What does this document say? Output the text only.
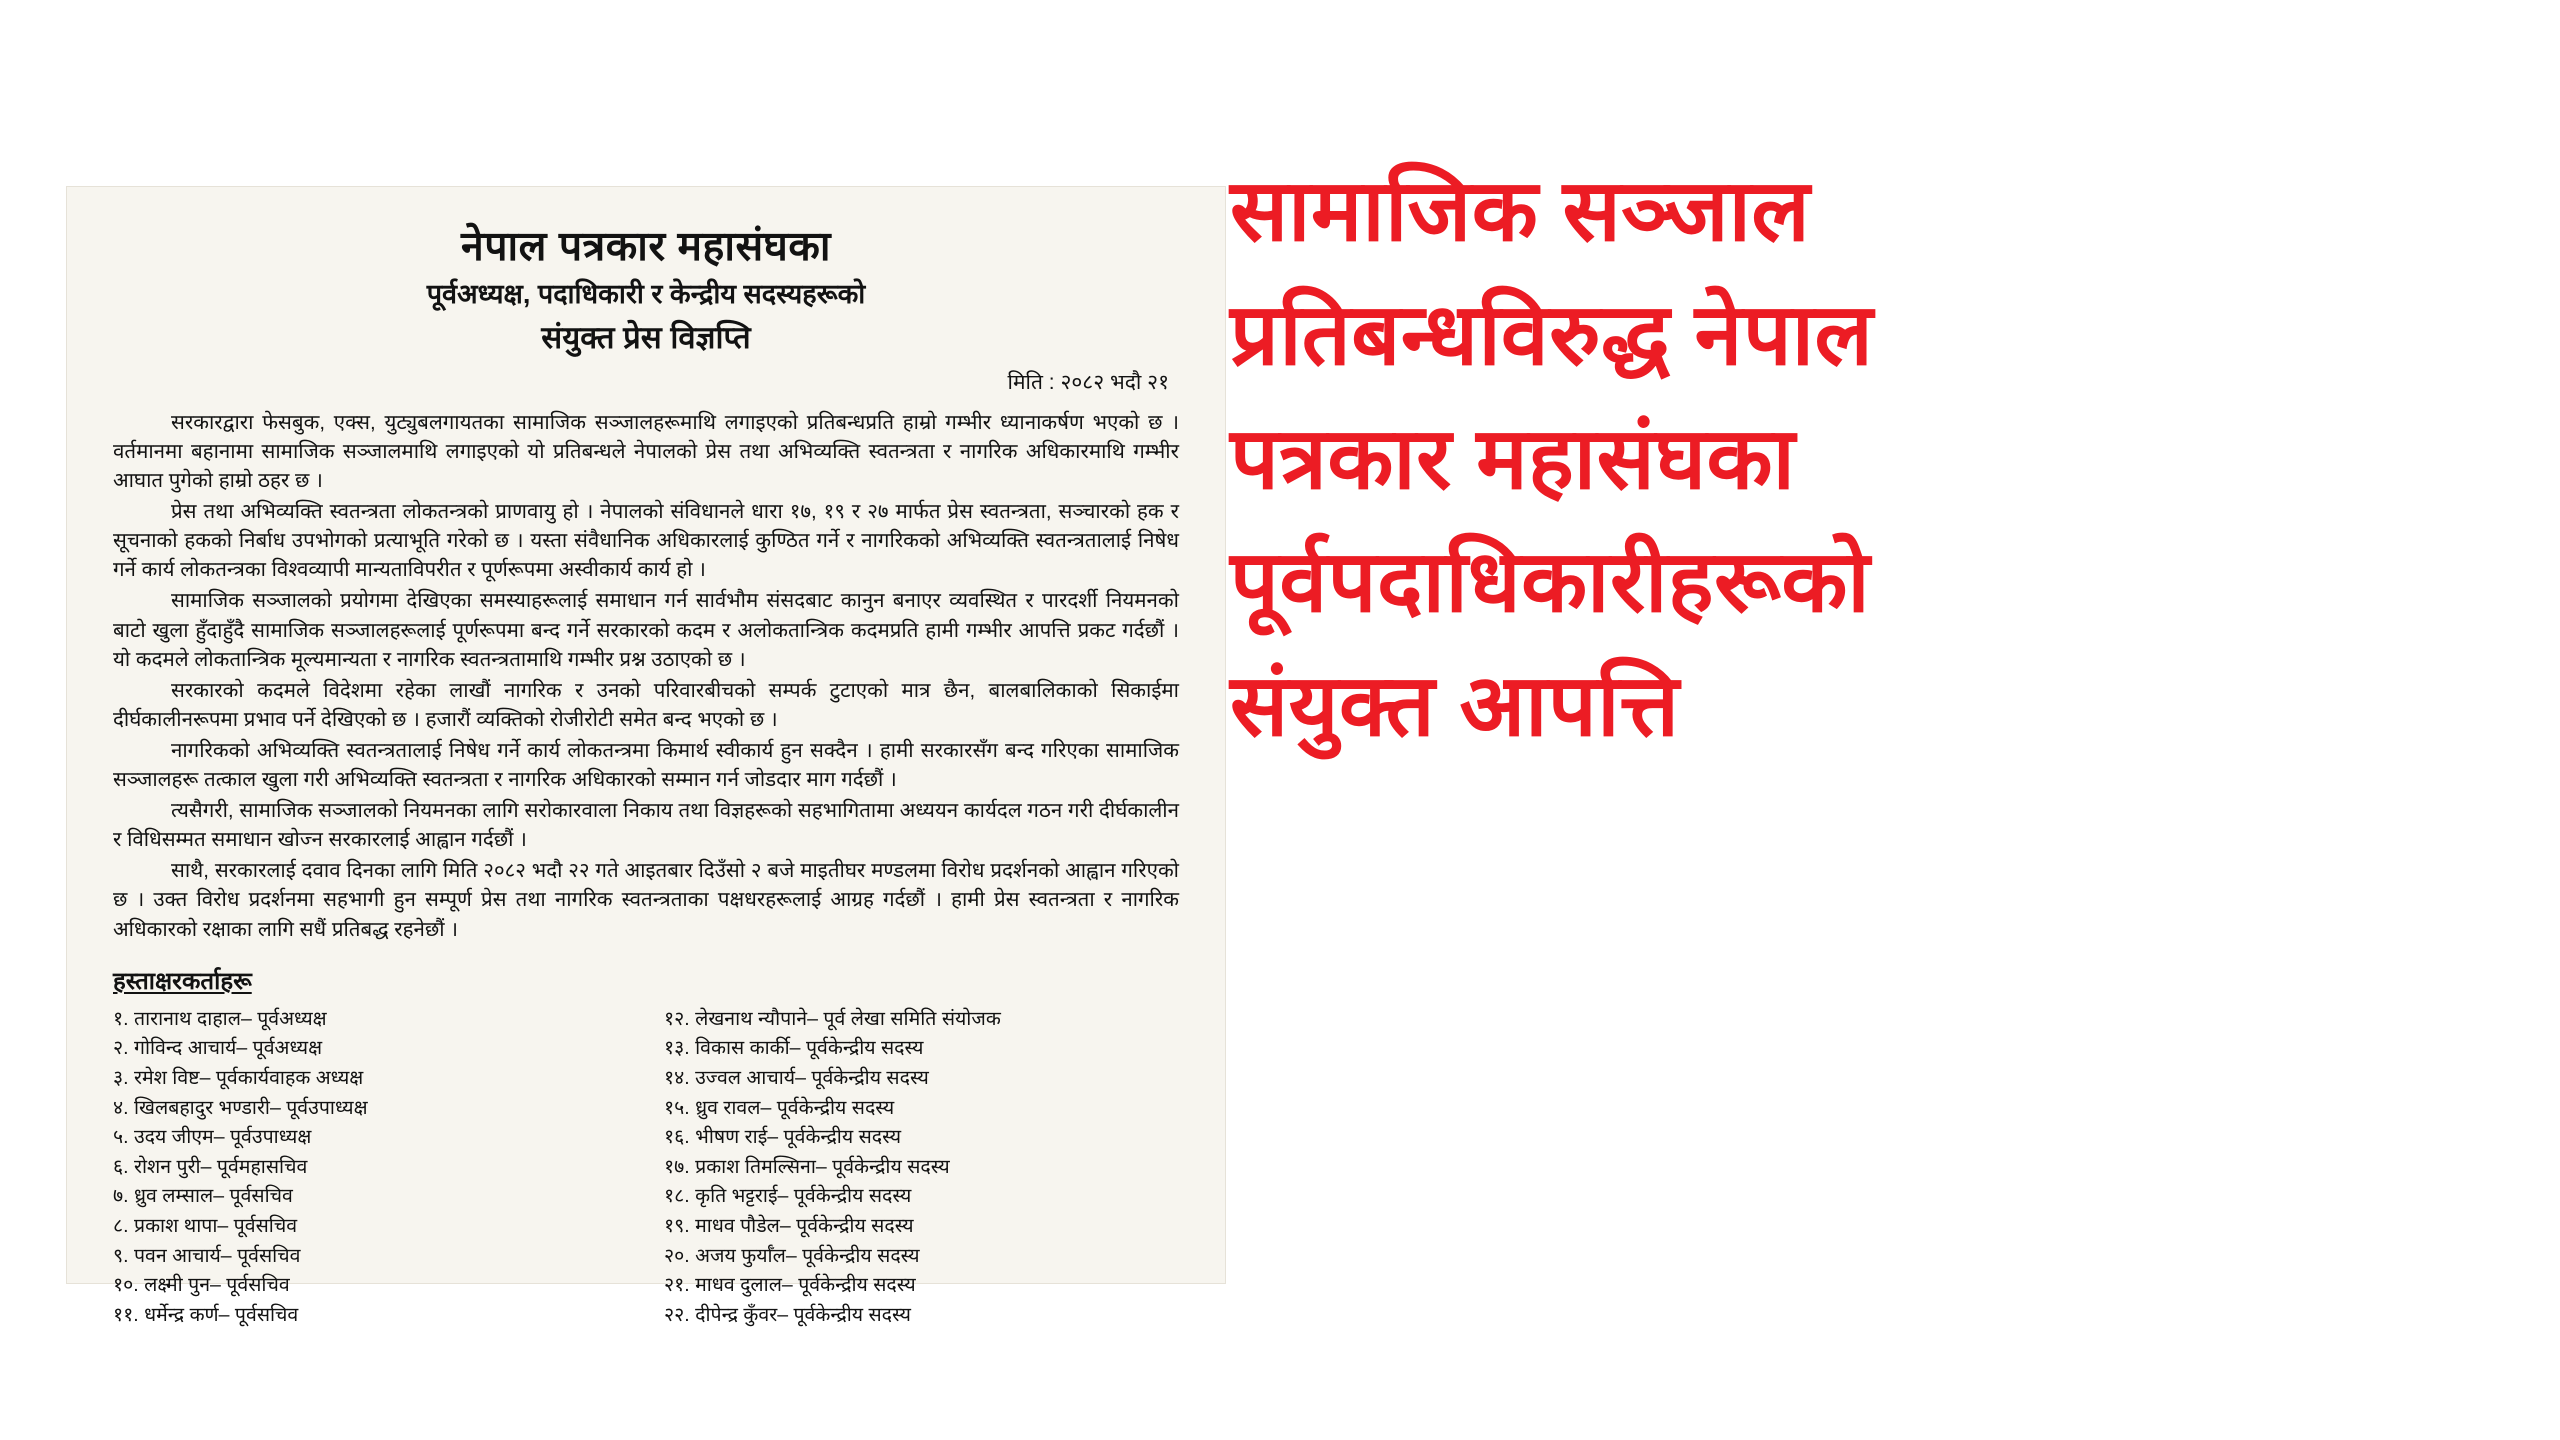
नेपाल पत्रकार महासंघका
पूर्वअध्यक्ष, पदाधिकारी र केन्द्रीय सदस्यहरूको
संयुक्त प्रेस विज्ञप्ति
मिति : २०८२ भदौ २१

सरकारद्वारा फेसबुक, एक्स, युट्युबलगायतका सामाजिक सञ्जालहरूमाथि लगाइएको प्रतिबन्धप्रति हाम्रो गम्भीर ध्यानाकर्षण भएको छ । वर्तमानमा बहानामा सामाजिक सञ्जालमाथि लगाइएको यो प्रतिबन्धले नेपालको प्रेस तथा अभिव्यक्ति स्वतन्त्रता र नागरिक अधिकारमाथि गम्भीर आघात पुगेको हाम्रो ठहर छ ।

प्रेस तथा अभिव्यक्ति स्वतन्त्रता लोकतन्त्रको प्राणवायु हो । नेपालको संविधानले धारा १७, १९ र २७ मार्फत प्रेस स्वतन्त्रता, सञ्चारको हक र सूचनाको हकको निर्बाध उपभोगको प्रत्याभूति गरेको छ । यस्ता संवैधानिक अधिकारलाई कुण्ठित गर्ने र नागरिकको अभिव्यक्ति स्वतन्त्रतालाई निषेध गर्ने कार्य लोकतन्त्रका विश्वव्यापी मान्यताविपरीत र पूर्णरूपमा अस्वीकार्य कार्य हो ।

सामाजिक सञ्जालको प्रयोगमा देखिएका समस्याहरूलाई समाधान गर्न सार्वभौम संसदबाट कानुन बनाएर व्यवस्थित र पारदर्शी नियमनको बाटो खुला हुँदाहुँदै सामाजिक सञ्जालहरूलाई पूर्णरूपमा बन्द गर्ने सरकारको कदम र अलोकतान्त्रिक कदमप्रति हामी गम्भीर आपत्ति प्रकट गर्दछौं । यो कदमले लोकतान्त्रिक मूल्यमान्यता र नागरिक स्वतन्त्रतामाथि गम्भीर प्रश्न उठाएको छ ।

सरकारको कदमले विदेशमा रहेका लाखौं नागरिक र उनको परिवारबीचको सम्पर्क टुटाएको मात्र छैन, बालबालिकाको सिकाईमा दीर्घकालीनरूपमा प्रभाव पर्ने देखिएको छ । हजारौं व्यक्तिको रोजीरोटी समेत बन्द भएको छ ।

नागरिकको अभिव्यक्ति स्वतन्त्रतालाई निषेध गर्ने कार्य लोकतन्त्रमा किमार्थ स्वीकार्य हुन सक्दैन । हामी सरकारसँग बन्द गरिएका सामाजिक सञ्जालहरू तत्काल खुला गरी अभिव्यक्ति स्वतन्त्रता र नागरिक अधिकारको सम्मान गर्न जोडदार माग गर्दछौं ।

त्यसैगरी, सामाजिक सञ्जालको नियमनका लागि सरोकारवाला निकाय तथा विज्ञहरूको सहभागितामा अध्ययन कार्यदल गठन गरी दीर्घकालीन र विधिसम्मत समाधान खोज्न सरकारलाई आह्वान गर्दछौं ।

साथै, सरकारलाई दवाव दिनका लागि मिति २०८२ भदौ २२ गते आइतबार दिउँसो २ बजे माइतीघर मण्डलमा विरोध प्रदर्शनको आह्वान गरिएको छ । उक्त विरोध प्रदर्शनमा सहभागी हुन सम्पूर्ण प्रेस तथा नागरिक स्वतन्त्रताका पक्षधरहरूलाई आग्रह गर्दछौं । हामी प्रेस स्वतन्त्रता र नागरिक अधिकारको रक्षाका लागि सधैं प्रतिबद्ध रहनेछौं ।

हस्ताक्षरकर्ताहरू
१. तारानाथ दाहाल– पूर्वअध्यक्ष
२. गोविन्द आचार्य– पूर्वअध्यक्ष
३. रमेश विष्ट– पूर्वकार्यवाहक अध्यक्ष
४. खिलबहादुर भण्डारी– पूर्वउपाध्यक्ष
५. उदय जीएम– पूर्वउपाध्यक्ष
६. रोशन पुरी– पूर्वमहासचिव
७. ध्रुव लम्साल– पूर्वसचिव
८. प्रकाश थापा– पूर्वसचिव
९. पवन आचार्य– पूर्वसचिव
१०. लक्ष्मी पुन– पूर्वसचिव
११. धर्मेन्द्र कर्ण– पूर्वसचिव
१२. लेखनाथ न्यौपाने– पूर्व लेखा समिति संयोजक
१३. विकास कार्की– पूर्वकेन्द्रीय सदस्य
१४. उज्वल आचार्य– पूर्वकेन्द्रीय सदस्य
१५. ध्रुव रावल– पूर्वकेन्द्रीय सदस्य
१६. भीषण राई– पूर्वकेन्द्रीय सदस्य
१७. प्रकाश तिमल्सिना– पूर्वकेन्द्रीय सदस्य
१८. कृति भट्टराई– पूर्वकेन्द्रीय सदस्य
१९. माधव पौडेल– पूर्वकेन्द्रीय सदस्य
२०. अजय फुर्याँल– पूर्वकेन्द्रीय सदस्य
२१. माधव दुलाल– पूर्वकेन्द्रीय सदस्य
२२. दीपेन्द्र कुँवर– पूर्वकेन्द्रीय सदस्य
सामाजिक सञ्जाल
प्रतिबन्धविरुद्ध नेपाल
पत्रकार महासंघका
पूर्वपदाधिकारीहरूको
संयुक्त आपत्ति
